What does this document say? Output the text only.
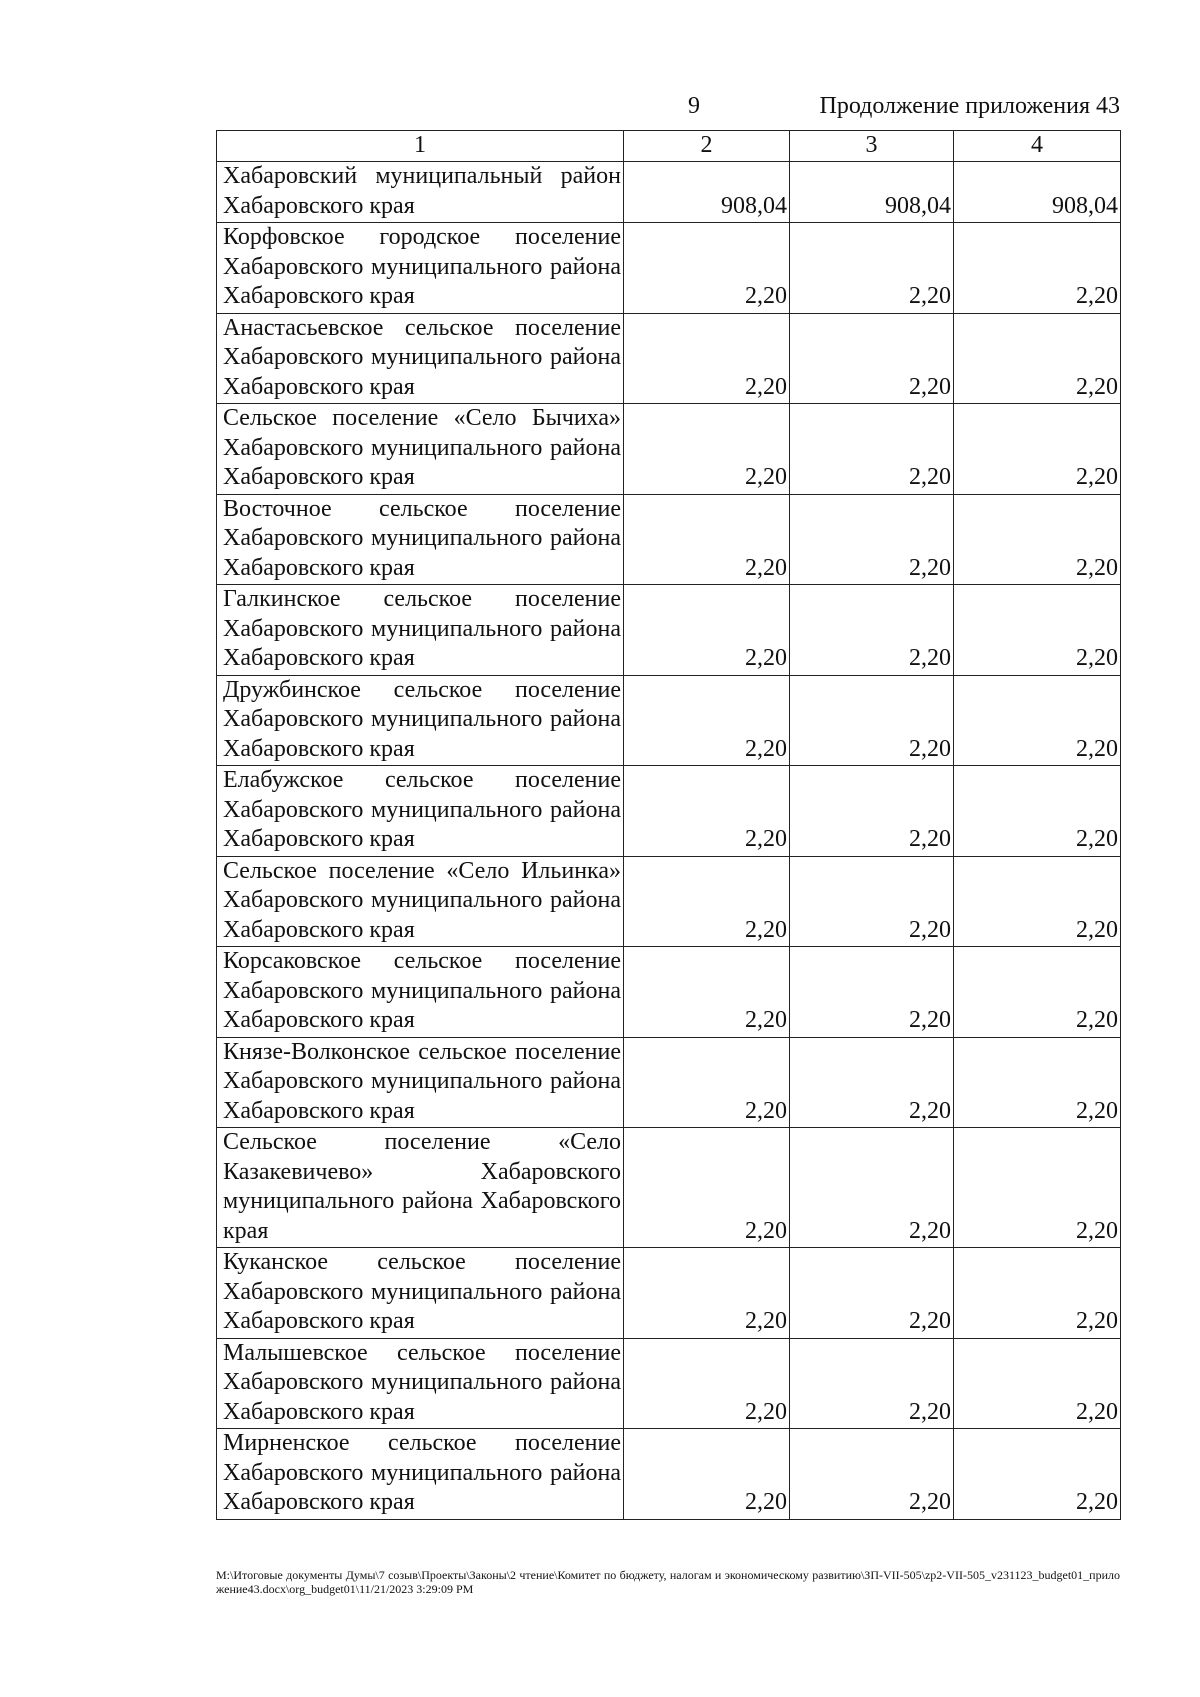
9	Продолжение приложения 43
1	2	3	4
Хабаровский муниципальный район Хабаровского края	908,04	908,04	908,04
Корфовское городское поселение Хабаровского муниципального района Хабаровского края	2,20	2,20	2,20
Анастасьевское сельское поселение Хабаровского муниципального района Хабаровского края	2,20	2,20	2,20
Сельское поселение «Село Бычиха» Хабаровского муниципального района Хабаровского края	2,20	2,20	2,20
Восточное сельское поселение Хабаровского муниципального района Хабаровского края	2,20	2,20	2,20
Галкинское сельское поселение Хабаровского муниципального района Хабаровского края	2,20	2,20	2,20
Дружбинское сельское поселение Хабаровского муниципального района Хабаровского края	2,20	2,20	2,20
Елабужское сельское поселение Хабаровского муниципального района Хабаровского края	2,20	2,20	2,20
Сельское поселение «Село Ильинка» Хабаровского муниципального района Хабаровского края	2,20	2,20	2,20
Корсаковское сельское поселение Хабаровского муниципального района Хабаровского края	2,20	2,20	2,20
Князе-Волконское сельское поселение Хабаровского муниципального района Хабаровского края	2,20	2,20	2,20
Сельское поселение «Село Казакевичево» Хабаровского муниципального района Хабаровского края	2,20	2,20	2,20
Куканское сельское поселение Хабаровского муниципального района Хабаровского края	2,20	2,20	2,20
Малышевское сельское поселение Хабаровского муниципального района Хабаровского края	2,20	2,20	2,20
Мирненское сельское поселение Хабаровского муниципального района Хабаровского края	2,20	2,20	2,20
M:\Итоговые документы Думы\7 созыв\Проекты\Законы\2 чтение\Комитет по бюджету, налогам и экономическому развитию\ЗП-VII-505\zp2-VII-505_v231123_budget01_приложение43.docx\org_budget01\11/21/2023 3:29:09 PM
